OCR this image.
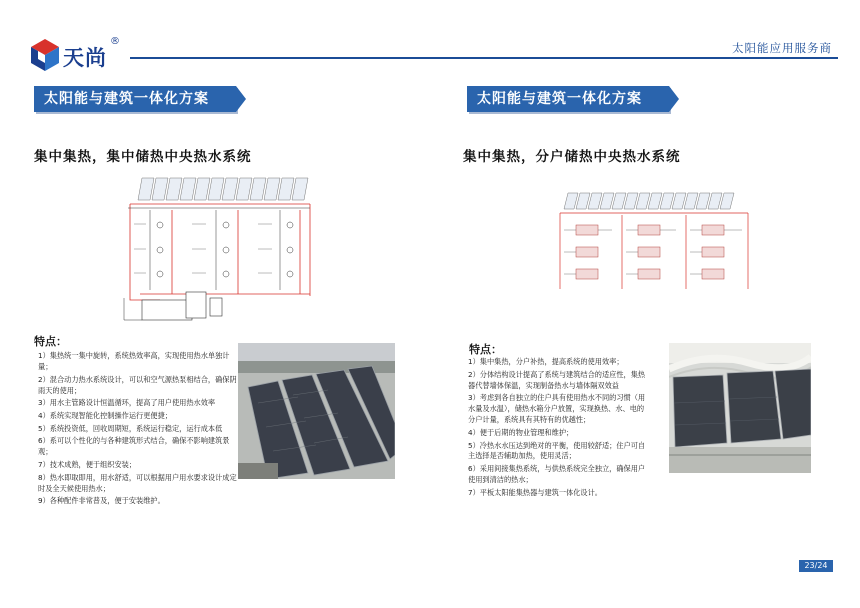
天尚
®	太阳能应用服务商
太阳能与建筑一体化方案
集中集热，集中储热中央热水系统
特点：
1）集热统一集中旋转，系统热效率高，实现使用热水单独计量；
2）混合动力热水系统设计，可以和空气源热泵相结合，确保阴雨天的使用；
3）用水主管路设计恒温循环，提高了用户使用热水效率
4）系统实现智能化控制操作运行更便捷；
5）系统投资低，回收周期短，系统运行稳定，运行成本低
6）系可以个性化的与各种建筑形式结合，确保不影响建筑景观；
7）技术成熟，便于组织安装；
8）热水即取即用，用水舒适，可以根据用户用水要求设计成定时及全天候使用热水；
9）各种配件非常普及，便于安装维护。
太阳能与建筑一体化方案
集中集热，分户储热中央热水系统
特点：
1）集中集热，分户补热，提高系统的使用效率；
2）分体结构设计提高了系统与建筑结合的适应性，集热器代替墙体保温，实现制备热水与墙体隔双效益
3）考虑到各自独立的住户具有使用热水不同的习惯（用水量及水温），储热水箱分户放置，实现换热、水、电的分户计量，系统具有其特有的优越性；
4）便于后期的物业管理和维护；
5）冷热水水压达到绝对的平衡，使用较舒适；住户可自主选择是否辅助加热，使用灵活；
6）采用间接集热系统，与供热系统完全独立，确保用户使用到清洁的热水；
7）平板太阳能集热器与建筑一体化设计。
23/24
